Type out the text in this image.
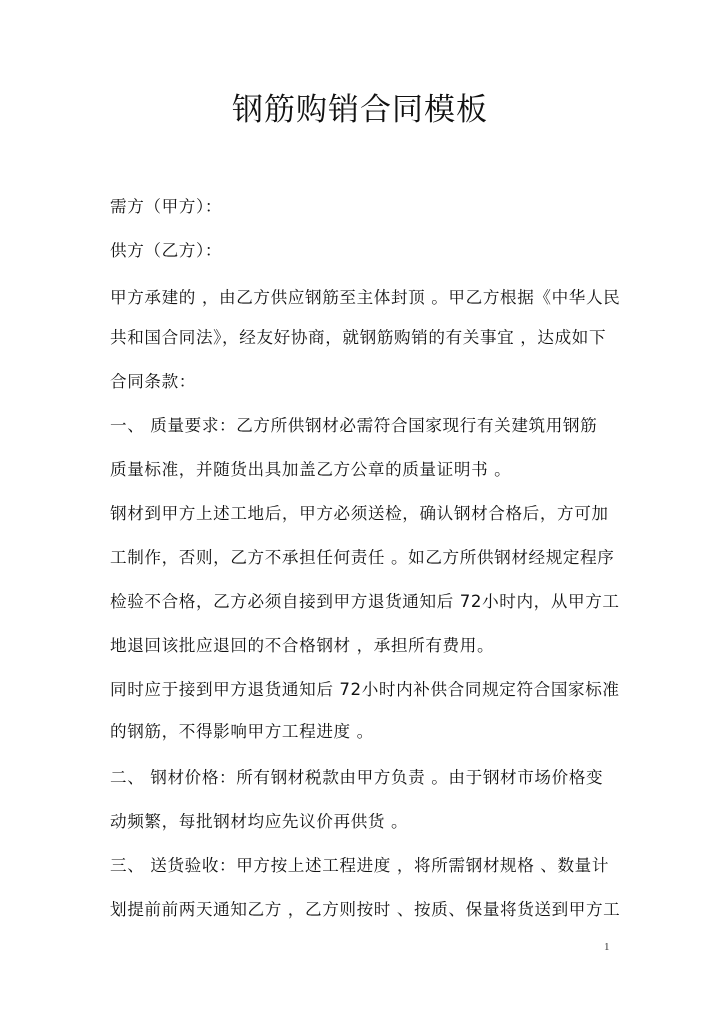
钢筋购销合同模板
需方（甲方）：
供方（乙方）：
甲方承建的 ，由乙方供应钢筋至主体封顶 。甲乙方根据《中华人民
共和国合同法》，经友好协商，就钢筋购销的有关事宜 ，达成如下
合同条款：
一、 质量要求：乙方所供钢材必需符合国家现行有关建筑用钢筋
质量标准，并随货出具加盖乙方公章的质量证明书 。
钢材到甲方上述工地后，甲方必须送检，确认钢材合格后，方可加
工制作，否则，乙方不承担任何责任 。如乙方所供钢材经规定程序
检验不合格，乙方必须自接到甲方退货通知后 72小时内，从甲方工
地退回该批应退回的不合格钢材 ，承担所有费用。
同时应于接到甲方退货通知后 72小时内补供合同规定符合国家标准
的钢筋，不得影响甲方工程进度 。
二、 钢材价格：所有钢材税款由甲方负责 。由于钢材市场价格变
动频繁，每批钢材均应先议价再供货 。
三、 送货验收：甲方按上述工程进度 ，将所需钢材规格 、数量计
划提前前两天通知乙方 ，乙方则按时 、按质、保量将货送到甲方工
1
